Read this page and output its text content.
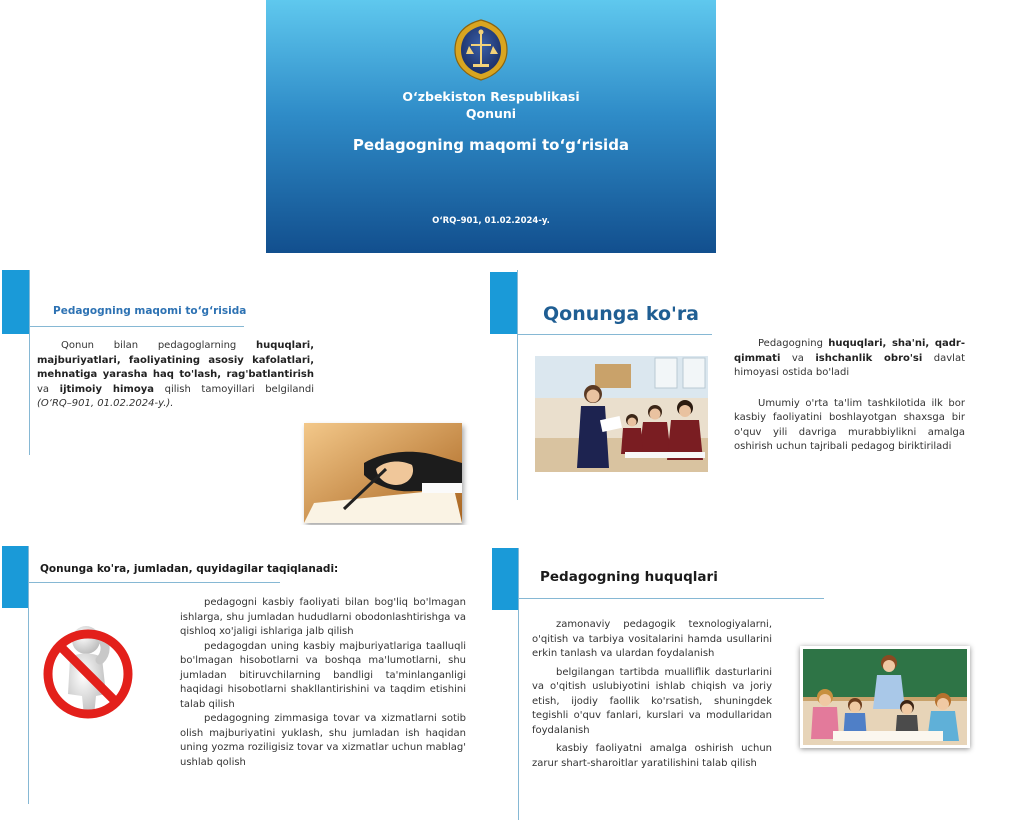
O‘zbekiston Respublikasi
Qonuni
Pedagogning maqomi to‘g‘risida
O‘RQ–901, 01.02.2024-y.
Pedagogning maqomi to‘g‘risida

Qonun bilan pedagoglarning huquqlari, majburiyatlari, faoliyatining asosiy kafolatlari, mehnatiga yarasha haq to'lash, rag'batlantirish va ijtimoiy himoya qilish tamoyillari belgilandi (O‘RQ–901, 01.02.2024-y.).

Qonunga ko'ra

Pedagogning huquqlari, sha'ni, qadr-qimmati va ishchanlik obro'si davlat himoyasi ostida bo'ladi

Umumiy o'rta ta'lim tashkilotida ilk bor kasbiy faoliyatini boshlayotgan shaxsga bir o'quv yili davriga murabbiylikni amalga oshirish uchun tajribali pedagog biriktiriladi

Qonunga ko'ra, jumladan, quyidagilar taqiqlanadi:

pedagogni kasbiy faoliyati bilan bog'liq bo'lmagan ishlarga, shu jumladan hududlarni obodonlashtirishga va qishloq xo'jaligi ishlariga jalb qilish

pedagogdan uning kasbiy majburiyatlariga taalluqli bo'lmagan hisobotlarni va boshqa ma'lumotlarni, shu jumladan bitiruvchilarning bandligi ta'minlanganligi haqidagi hisobotlarni shakllantirishini va taqdim etishini talab qilish

pedagogning zimmasiga tovar va xizmatlarni sotib olish majburiyatini yuklash, shu jumladan ish haqidan uning yozma roziligisiz tovar va xizmatlar uchun mablag' ushlab qolish

Pedagogning huquqlari

zamonaviy pedagogik texnologiyalarni, o'qitish va tarbiya vositalarini hamda usullarini erkin tanlash va ulardan foydalanish

belgilangan tartibda mualliflik dasturlarini va o'qitish uslubiyotini ishlab chiqish va joriy etish, ijodiy faollik ko'rsatish, shuningdek tegishli o'quv fanlari, kurslari va modullaridan foydalanish

kasbiy faoliyatni amalga oshirish uchun zarur shart-sharoitlar yaratilishini talab qilish
